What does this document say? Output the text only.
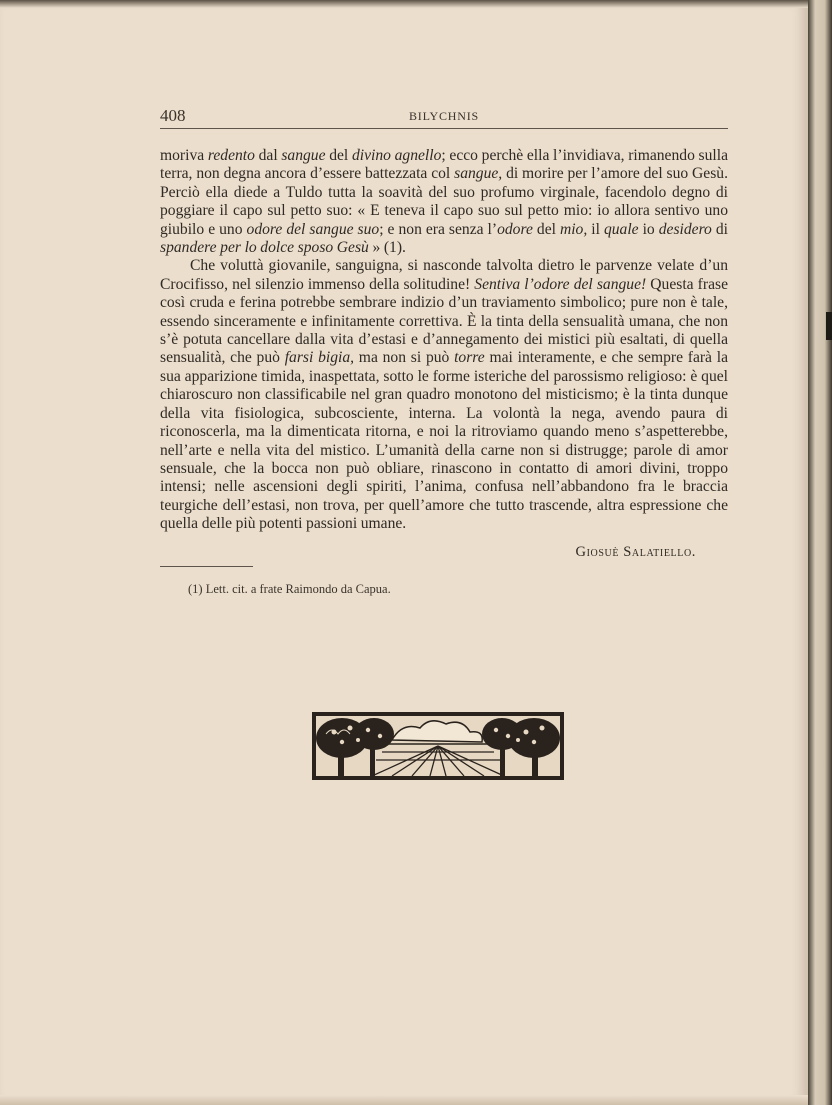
408	BILYCHNIS

moriva redento dal sangue del divino agnello; ecco perchè ella l’invidiava, rimanendo sulla terra, non degna ancora d’essere battezzata col sangue, di morire per l’amore del suo Gesù. Perciò ella diede a Tuldo tutta la soavità del suo profumo virginale, facendolo degno di poggiare il capo sul petto suo: « E teneva il capo suo sul petto mio: io allora sentivo uno giubilo e uno odore del sangue suo; e non era senza l’odore del mio, il quale io desidero di spandere per lo dolce sposo Gesù » (1).

Che voluttà giovanile, sanguigna, si nasconde talvolta dietro le parvenze velate d’un Crocifisso, nel silenzio immenso della solitudine! Sentiva l’odore del sangue! Questa frase così cruda e ferina potrebbe sembrare indizio d’un traviamento simbolico; pure non è tale, essendo sinceramente e infinitamente correttiva. È la tinta della sensualità umana, che non s’è potuta cancellare dalla vita d’estasi e d’annegamento dei mistici più esaltati, di quella sensualità, che può farsi bigia, ma non si può torre mai interamente, e che sempre farà la sua apparizione timida, inaspettata, sotto le forme isteriche del parossismo religioso: è quel chiaroscuro non classificabile nel gran quadro monotono del misticismo; è la tinta dunque della vita fisiologica, subcosciente, interna. La volontà la nega, avendo paura di riconoscerla, ma la dimenticata ritorna, e noi la ritroviamo quando meno s’aspetterebbe, nell’arte e nella vita del mistico. L’umanità della carne non si distrugge; parole di amor sensuale, che la bocca non può obliare, rinascono in contatto di amori divini, troppo intensi; nelle ascensioni degli spiriti, l’anima, confusa nell’abbandono fra le braccia teurgiche dell’estasi, non trova, per quell’amore che tutto trascende, altra espressione che quella delle più potenti passioni umane.

Giosuè Salatiello.
(1) Lett. cit. a frate Raimondo da Capua.
